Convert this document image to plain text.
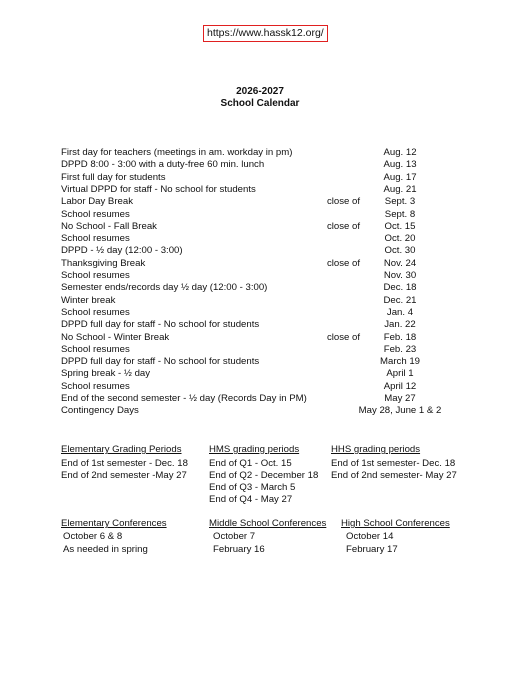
https://www.hassk12.org/
2026-2027
School Calendar
First day for teachers (meetings in am. workday in pm)	Aug. 12
DPPD 8:00 - 3:00 with a duty-free 60 min. lunch	Aug. 13
First full day for students	Aug. 17
Virtual DPPD for staff - No school for students	Aug. 21
Labor Day Break	close of	Sept. 3
School resumes	Sept. 8
No School - Fall Break	close of	Oct. 15
School resumes	Oct. 20
DPPD - ½ day (12:00 - 3:00)	Oct. 30
Thanksgiving Break	close of	Nov. 24
School resumes	Nov. 30
Semester ends/records day ½ day (12:00 - 3:00)	Dec. 18
Winter break	Dec. 21
School resumes	Jan. 4
DPPD full day for staff - No school for students	Jan. 22
No School - Winter Break	close of	Feb. 18
School resumes	Feb. 23
DPPD full day for staff - No school for students	March 19
Spring break - ½ day	April 1
School resumes	April 12
End of the second semester - ½ day (Records Day in PM)	May 27
Contingency Days	May 28, June 1 & 2
Elementary Grading Periods
End of 1st semester - Dec. 18
End of 2nd semester -May 27
HMS grading periods
End of Q1 - Oct. 15
End of Q2 - December 18
End of Q3 - March 5
End of Q4 - May 27
HHS grading periods
End of 1st semester- Dec. 18
End of 2nd semester- May 27
Elementary Conferences
October 6 & 8
As needed in spring
Middle School Conferences
October 7
February 16
High School Conferences
October 14
February 17
